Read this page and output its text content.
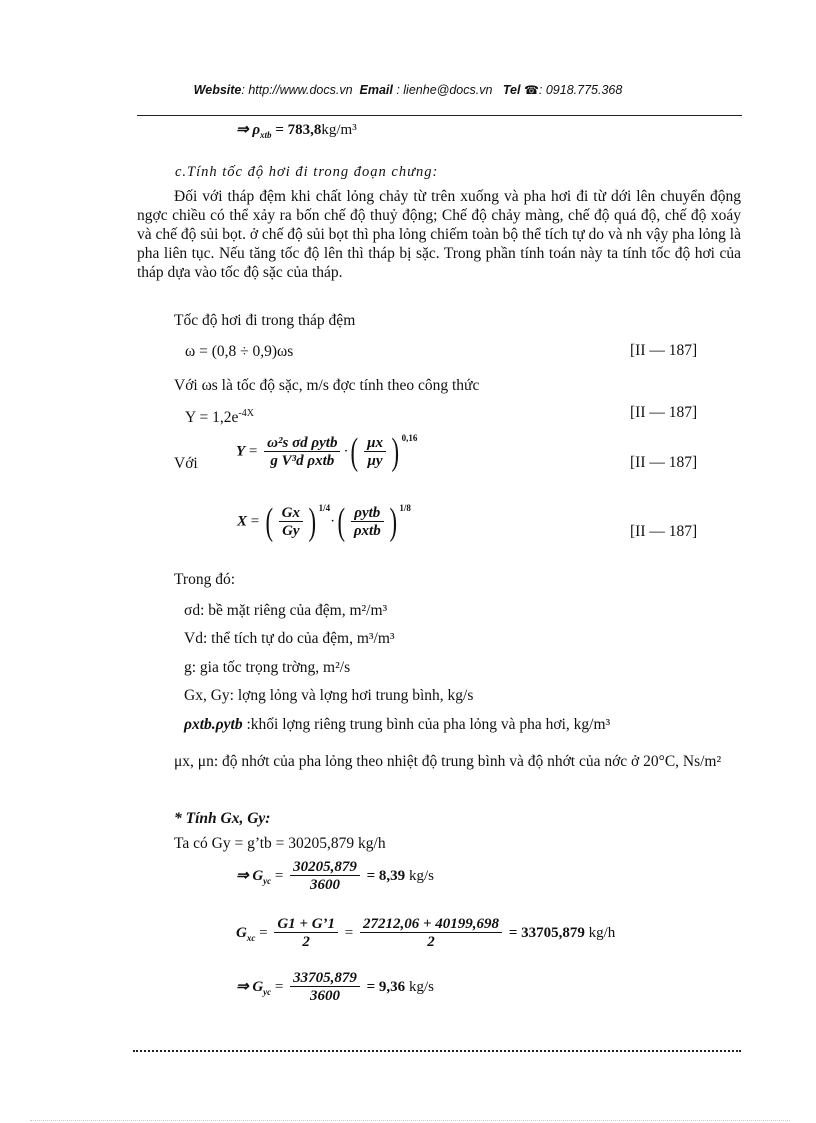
Website: http://www.docs.vn Email : lienhe@docs.vn Tel ☎: 0918.775.368
⇒ $\rho_{xtb} = 783,8kg/m^3$
c.Tính tốc độ hơi đi trong đoạn chưng:
Đối với tháp đệm khi chất lỏng chảy từ trên xuống và pha hơi đi từ dới lên chuyển động ngợc chiều có thể xảy ra bốn chế độ thuỷ động; Chế độ chảy màng, chế độ quá độ, chế độ xoáy và chế độ sủi bọt. ở chế độ sủi bọt thì pha lỏng chiếm toàn bộ thể tích tự do và nh vậy pha lỏng là pha liên tục. Nếu tăng tốc độ lên thì tháp bị sặc. Trong phần tính toán này ta tính tốc độ hơi của tháp dựa vào tốc độ sặc của tháp.
Tốc độ hơi đi trong tháp đệm
ω = (0,8 ÷ 0,9)ωs	[II — 187]
Với ωs là tốc độ sặc, m/s đợc tính theo công thức
$Y = 1,2e^{-4X}$	[II — 187]
Với
$Y = \frac{\text{ω²s σd ρytb}}{\text{g V³d ρxtb}}$ ·( $\frac{\mu x}{\mu y}$ ) $^{0,16}$
[II — 187]
X = ( $\frac{Gx}{Gy}$ ) $^{1/4}\cdot( \frac{\text{ρytb}}{\text{ρxtb}}$ ) $^{1/8}$
[II — 187]
Trong đó:
σd: bề mặt riêng của đệm, m²/m³
Vd: thể tích tự do của đệm, m³/m³
g: gia tốc trọng trờng, m²/s
Gx, Gy: lợng lỏng và lợng hơi trung bình, kg/s
ρxtb.ρytb :khối lợng riêng trung bình của pha lỏng và pha hơi, kg/m³
μx, μn: độ nhớt của pha lỏng theo nhiệt độ trung bình và độ nhớt của nớc ở 20°C, Ns/m²
* Tính Gx, Gy:
Ta có Gy = g’tb = 30205,879 kg/h
⇒ $G_{yc} = \frac{30205,879}{3600} = 8,39$ kg/s
$G_{xc} = \frac{G1 + G’1}{2} = \frac{27212,06 + 40199,698}{2} = 33705,879$ kg/h
⇒ $G_{yc} = \frac{33705,879}{3600} = 9,36$ kg/s
